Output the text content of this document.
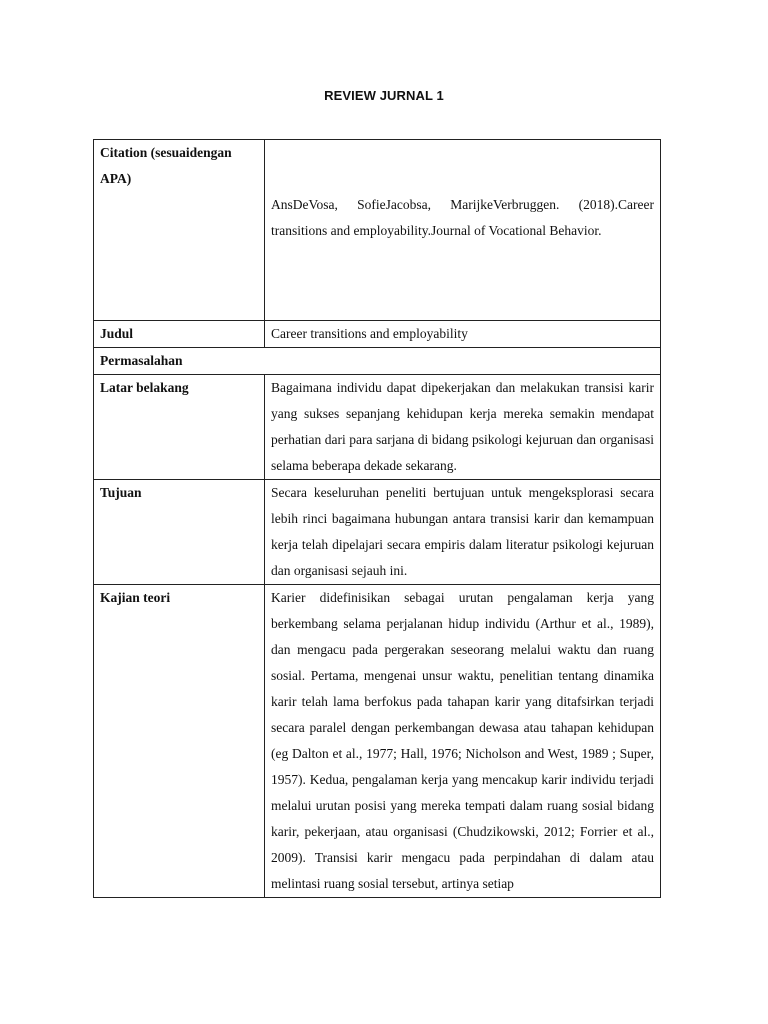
REVIEW JURNAL 1
Citation (sesuaidengan APA)	AnsDeVosa, SofieJacobsa, MarijkeVerbruggen. (2018).Career transitions and employability.Journal of Vocational Behavior.

Judul	Career transitions and employability
Permasalahan	
Latar belakang	Bagaimana individu dapat dipekerjakan dan melakukan transisi karir yang sukses sepanjang kehidupan kerja mereka semakin mendapat perhatian dari para sarjana di bidang psikologi kejuruan dan organisasi selama beberapa dekade sekarang.
Tujuan	Secara keseluruhan peneliti bertujuan untuk mengeksplorasi secara lebih rinci bagaimana hubungan antara transisi karir dan kemampuan kerja telah dipelajari secara empiris dalam literatur psikologi kejuruan dan organisasi sejauh ini.
Kajian teori	Karier didefinisikan sebagai urutan pengalaman kerja yang berkembang selama perjalanan hidup individu (Arthur et al., 1989), dan mengacu pada pergerakan seseorang melalui waktu dan ruang sosial. Pertama, mengenai unsur waktu, penelitian tentang dinamika karir telah lama berfokus pada tahapan karir yang ditafsirkan terjadi secara paralel dengan perkembangan dewasa atau tahapan kehidupan (eg Dalton et al., 1977; Hall, 1976; Nicholson and West, 1989 ; Super, 1957). Kedua, pengalaman kerja yang mencakup karir individu terjadi melalui urutan posisi yang mereka tempati dalam ruang sosial bidang karir, pekerjaan, atau organisasi (Chudzikowski, 2012; Forrier et al., 2009). Transisi karir mengacu pada perpindahan di dalam atau melintasi ruang sosial tersebut, artinya setiap
